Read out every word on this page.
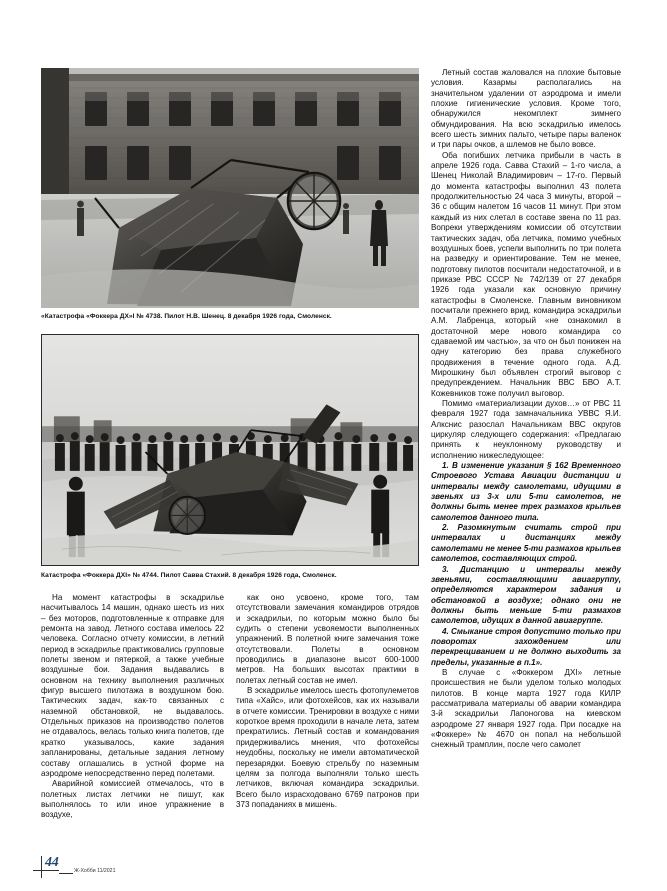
«Катастрофа «Фоккера ДХ»I № 4738. Пилот Н.В. Шенец. 8 декабря 1926 года, Смоленск.
Катастрофа «Фоккера ДХI» № 4744. Пилот Савва Стахий. 8 декабря 1926 года, Смоленск.

На момент катастрофы в эскадрилье насчитывалось 14 машин, однако шесть из них – без моторов, подготовленные к отправке для ремонта на завод. Летного состава имелось 22 человека. Согласно отчету комиссии, в летний период в эскадрилье практиковались групповые полеты звеном и пятеркой, а также учебные воздушные бои. Задания выдавались в основном на технику выполнения различных фигур высшего пилотажа в воздушном бою. Тактических задач, как-то связанных с наземной обстановкой, не выдавалось. Отдельных приказов на производство полетов не отдавалось, велась только книга полетов, где кратко указывалось, какие задания запланированы, детальные задания летному составу оглашались в устной форме на аэродроме непосредственно перед полетами.

Аварийной комиссией отмечалось, что в полетных листах летчики не пишут, как выполнялось то или иное упражнение в воздухе,

как оно усвоено, кроме того, там отсутствовали замечания командиров отрядов и эскадрильи, по которым можно было бы судить о степени усвояемости выполненных упражнений. В полетной книге замечания тоже отсутствовали. Полеты в основном проводились в диапазоне высот 600-1000 метров. На больших высотах практики в полетах летный состав не имел.

В эскадрилье имелось шесть фотопулеметов типа «Хайс», или фотохейсов, как их называли в отчете комиссии. Тренировки в воздухе с ними короткое время проходили в начале лета, затем прекратились. Летный состав и командования придерживались мнения, что фотохейсы неудобны, поскольку не имели автоматической перезарядки. Боевую стрельбу по наземным целям за полгода выполняли только шесть летчиков, включая командира эскадрильи. Всего было израсходовано 6769 патронов при 373 попаданиях в мишень.

Летный состав жаловался на плохие бытовые условия. Казармы располагались на значительном удалении от аэродрома и имели плохие гигиенические условия. Кроме того, обнаружился некомплект зимнего обмундирования. На всю эскадрилью имелось всего шесть зимних пальто, четыре пары валенок и три пары очков, а шлемов не было вовсе.

Оба погибших летчика прибыли в часть в апреле 1926 года. Савва Стахий – 1-го числа, а Шенец Николай Владимирович – 17-го. Первый до момента катастрофы выполнил 43 полета продолжительностью 24 часа 3 минуты, второй – 36 с общим налетом 16 часов 11 минут. При этом каждый из них слетал в составе звена по 11 раз. Вопреки утверждениям комиссии об отсутствии тактических задач, оба летчика, помимо учебных воздушных боев, успели выполнить по три полета на разведку и ориентирование. Тем не менее, подготовку пилотов посчитали недостаточной, и в приказе РВС СССР № 742/139 от 27 декабря 1926 года указали как основную причину катастрофы в Смоленске. Главным виновником посчитали прежнего врид. командира эскадрильи А.М. Лабренца, который «не ознакомил в достаточной мере нового командира со сдаваемой им частью», за что он был понижен на одну категорию без права служебного продвижения в течение одного года. А.Д. Мирошкину был объявлен строгий выговор с предупреждением. Начальник ВВС БВО А.Т. Кожевников тоже получил выговор.

Помимо «материализации духов…» от РВС 11 февраля 1927 года замначальника УВВС Я.И. Алкснис разослал Начальникам ВВС округов циркуляр следующего содержания: «Предлагаю принять к неуклонному руководству и исполнению нижеследующее:

1. В изменение указания § 162 Временного Строевого Устава Авиации дистанции и интервалы между самолетами, идущими в звеньях из 3-х или 5-ти самолетов, не должны быть менее трех размахов крыльев самолетов данного типа.

2. Разомкнутым считать строй при интервалах и дистанциях между самолетами не менее 5-ти размахов крыльев самолетов, составляющих строй.

3. Дистанцию и интервалы между звеньями, составляющими авиагруппу, определяются характером задания и обстановкой в воздухе; однако они не должны быть меньше 5-ти размахов самолетов, идущих в данной авиагруппе.

4. Смыкание строя допустимо только при поворотах захождением или перекрещиванием и не должно выходить за пределы, указанные в п.1».

В случае с «Фоккером ДХI» летные происшествия не были уделом только молодых пилотов. В конце марта 1927 года КИЛР рассматривала материалы об аварии командира 3-й эскадрильи Лапоногова на киевском аэродроме 27 января 1927 года. При посадке на «Фоккере» № 4670 он попал на небольшой снежный трамплин, после чего самолет

44
Ж-Хобби 11/2021
